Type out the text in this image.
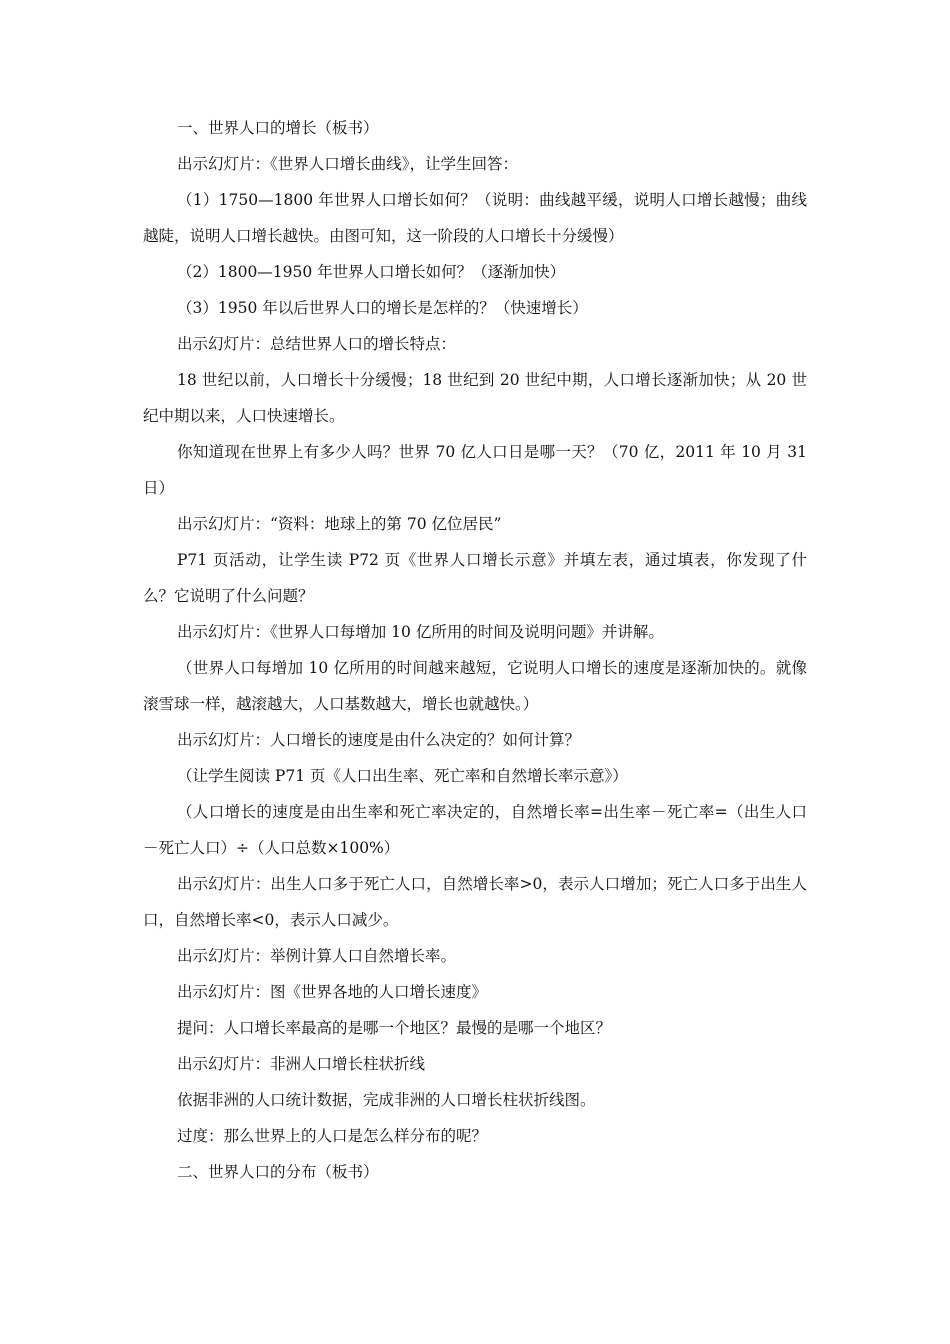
一、世界人口的增长（板书）

出示幻灯片：《世界人口增长曲线》，让学生回答：

（1）1750—1800 年世界人口增长如何？（说明：曲线越平缓，说明人口增长越慢；曲线越陡，说明人口增长越快。由图可知，这一阶段的人口增长十分缓慢）

（2）1800—1950 年世界人口增长如何？（逐渐加快）

（3）1950 年以后世界人口的增长是怎样的？（快速增长）

出示幻灯片：总结世界人口的增长特点：

18 世纪以前，人口增长十分缓慢；18 世纪到 20 世纪中期，人口增长逐渐加快；从 20 世纪中期以来，人口快速增长。

你知道现在世界上有多少人吗？世界 70 亿人口日是哪一天？（70 亿，2011 年 10 月 31 日）

出示幻灯片：“资料：地球上的第 70 亿位居民”

P71 页活动，让学生读 P72 页《世界人口增长示意》并填左表，通过填表，你发现了什么？它说明了什么问题？

出示幻灯片：《世界人口每增加 10 亿所用的时间及说明问题》并讲解。

（世界人口每增加 10 亿所用的时间越来越短，它说明人口增长的速度是逐渐加快的。就像滚雪球一样，越滚越大，人口基数越大，增长也就越快。）

出示幻灯片：人口增长的速度是由什么决定的？如何计算？

（让学生阅读 P71 页《人口出生率、死亡率和自然增长率示意》）

（人口增长的速度是由出生率和死亡率决定的，自然增长率=出生率－死亡率=（出生人口－死亡人口）÷（人口总数×100%）

出示幻灯片：出生人口多于死亡人口，自然增长率>0，表示人口增加；死亡人口多于出生人口，自然增长率<0，表示人口减少。

出示幻灯片：举例计算人口自然增长率。

出示幻灯片：图《世界各地的人口增长速度》

提问：人口增长率最高的是哪一个地区？最慢的是哪一个地区？

出示幻灯片：非洲人口增长柱状折线

依据非洲的人口统计数据，完成非洲的人口增长柱状折线图。

过度：那么世界上的人口是怎么样分布的呢？

二、世界人口的分布（板书）
